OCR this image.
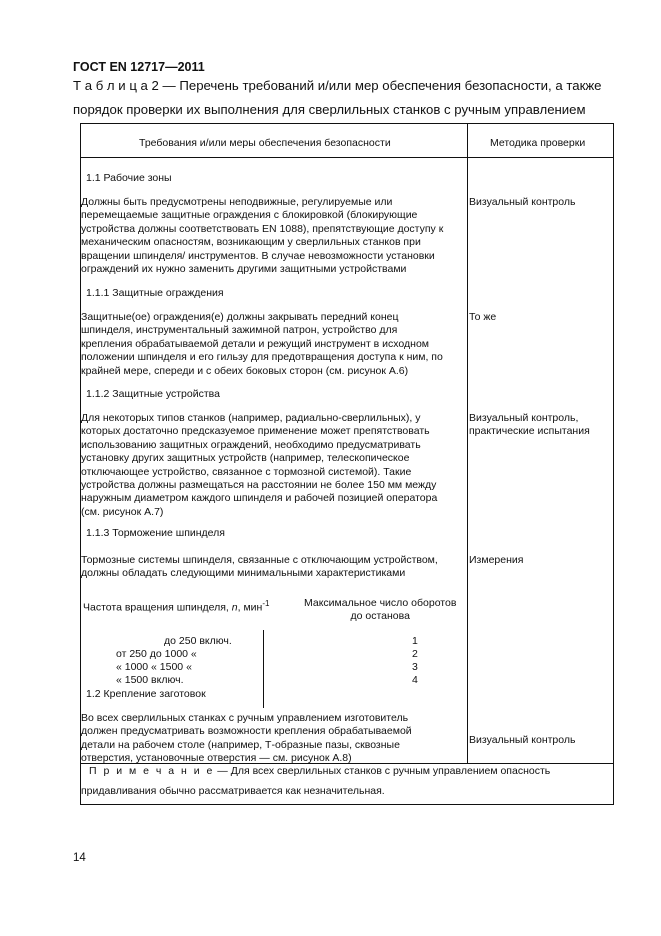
ГОСТ EN 12717—2011
Т а б л и ц а 2 — Перечень требований и/или мер обеспечения безопасности, а также
порядок проверки их выполнения для сверлильных станков с ручным управлением
Требования и/или меры обеспечения безопасности	Методика проверки
1.1 Рабочие зоны
Должны быть предусмотрены неподвижные, регулируемые или
перемещаемые защитные ограждения с блокировкой (блокирующие
устройства должны соответствовать EN 1088), препятствующие доступу к
механическим опасностям, возникающим у сверлильных станков при
вращении шпинделя/ инструментов. В случае невозможности установки
ограждений их нужно заменить другими защитными устройствами
Визуальный контроль
1.1.1 Защитные ограждения
Защитные(ое) ограждения(е) должны закрывать передний конец
шпинделя, инструментальный зажимной патрон, устройство для
крепления обрабатываемой детали и режущий инструмент в исходном
положении шпинделя и его гильзу для предотвращения доступа к ним, по
крайней мере, спереди и с обеих боковых сторон (см. рисунок А.6)
То же
1.1.2 Защитные устройства
Для некоторых типов станков (например, радиально-сверлильных), у
которых достаточно предсказуемое применение может препятствовать
использованию защитных ограждений, необходимо предусматривать
установку других защитных устройств (например, телескопическое
отключающее устройство, связанное с тормозной системой). Такие
устройства должны размещаться на расстоянии не более 150 мм между
наружным диаметром каждого шпинделя и рабочей позицией оператора
(см. рисунок А.7)
Визуальный контроль,
практические испытания
1.1.3 Торможение шпинделя
Тормозные системы шпинделя, связанные с отключающим устройством,
должны обладать следующими минимальными характеристиками
Измерения
Частота вращения шпинделя, n, мин$^{-1}$	Максимальное число оборотов
до останова
до 250 включ.
от 250 до 1000 «
« 1000 « 1500 «
« 1500 включ.
1
2
3
4
1.2 Крепление заготовок
Во всех сверлильных станках с ручным управлением изготовитель
должен предусматривать возможности крепления обрабатываемой
детали на рабочем столе (например, Т-образные пазы, сквозные
отверстия, установочные отверстия — см. рисунок А.8)
Визуальный контроль
П р и м е ч а н и е — Для всех сверлильных станков с ручным управлением опасность
придавливания обычно рассматривается как незначительная.
14
